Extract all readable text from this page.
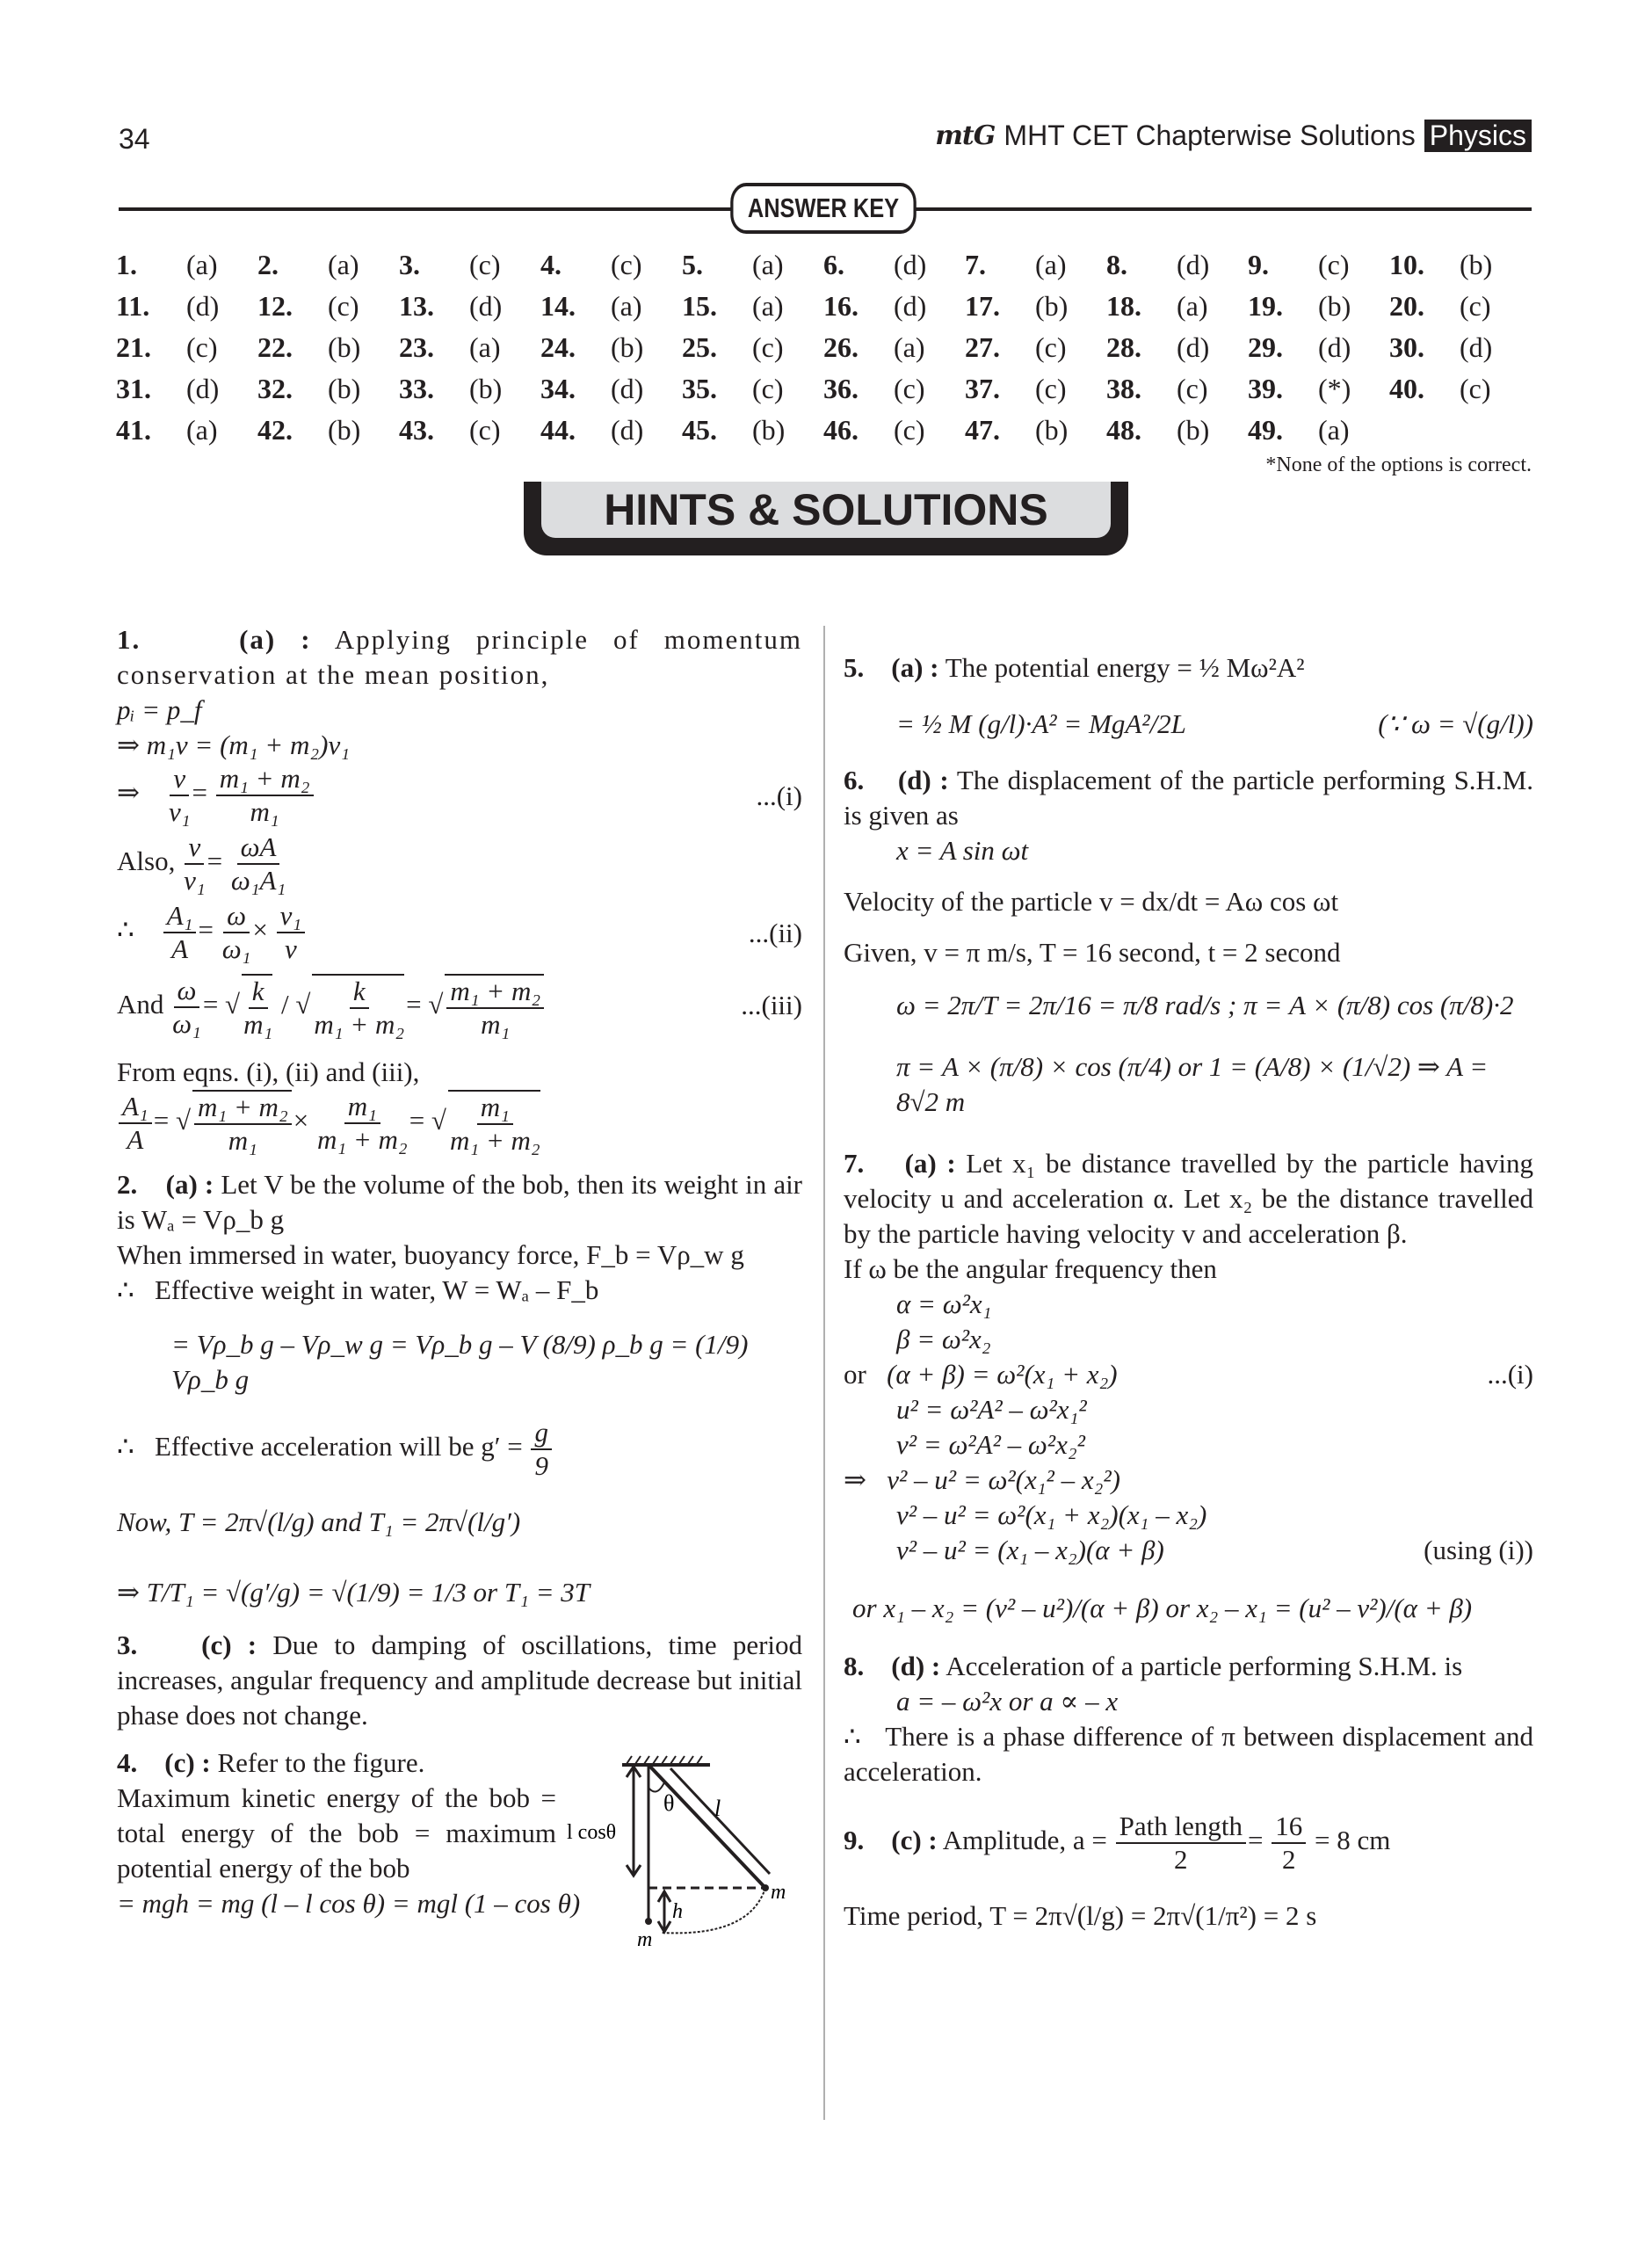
34	mtG MHT CET Chapterwise Solutions Physics
ANSWER KEY
1.	(a)	2.	(a)	3.	(c)	4.	(c)	5.	(a)	6.	(d)	7.	(a)	8.	(d)	9.	(c)	10.	(b)
11.	(d)	12.	(c)	13.	(d)	14.	(a)	15.	(a)	16.	(d)	17.	(b)	18.	(a)	19.	(b)	20.	(c)
21.	(c)	22.	(b)	23.	(a)	24.	(b)	25.	(c)	26.	(a)	27.	(c)	28.	(d)	29.	(d)	30.	(d)
31.	(d)	32.	(b)	33.	(b)	34.	(d)	35.	(c)	36.	(c)	37.	(c)	38.	(c)	39.	(*)	40.	(c)
41.	(a)	42.	(b)	43.	(c)	44.	(d)	45.	(b)	46.	(c)	47.	(b)	48.	(b)	49.	(a)
*None of the options is correct.
HINTS & SOLUTIONS
1.	(a) : Applying principle of momentum conservation at the mean position,
pᵢ = p_f
⇒ m₁v = (m₁ + m₂)v₁
⇒ $\frac{v}{\text{v₁}} = \frac{\text{m₁ + m₂}}{\text{m₁}}$	...(i)
Also, $\frac{v}{\text{v₁}} = \frac{\omega A}{\text{ω₁A₁}}$
∴ $\frac{\text{A₁}}{A} = \frac{\omega}{\text{ω₁}} \times \frac{\text{v₁}}{v}$	...(ii)
And $\frac{\omega}{\text{ω₁}}$ = √ $\frac{k}{\text{m₁}}$ / √ $\frac{k}{\text{m₁ + m₂}}$ = √ $\frac{\text{m₁ + m₂}}{\text{m₁}}$	...(iii)
From eqns. (i), (ii) and (iii),
$\frac{\text{A₁}}{A}$ = √ $\frac{\text{m₁ + m₂}}{\text{m₁}} \times \frac{\text{m₁}}{\text{m₁ + m₂}}$ = √ $\frac{\text{m₁}}{\text{m₁ + m₂}}$
2. (a) : Let V be the volume of the bob, then its weight in air is Wₐ = Vρ_b g
When immersed in water, buoyancy force, F_b = Vρ_w g
∴ Effective weight in water, W = Wₐ – F_b
= Vρ_b g – Vρ_w g = Vρ_b g – V (8/9) ρ_b g = (1/9) Vρ_b g
∴ Effective acceleration will be $g' = \frac{g}{9}$
Now, T = 2π√(l/g) and T₁ = 2π√(l/g′)
⇒ T/T₁ = √(g′/g) = √(1/9) = 1/3 or T₁ = 3T
3. (c) : Due to damping of oscillations, time period increases, angular frequency and amplitude decrease but initial phase does not change.
4. (c) : Refer to the figure.
Maximum kinetic energy of the bob = total energy of the bob = maximum potential energy of the bob
= mgh = mg (l – l cos θ) = mgl (1 – cos θ)
θ l
l cosθ
m
h
m
5. (a) : The potential energy = ½ Mω²A²
= ½ M (g/l)·A² = MgA²/2L	(∵ ω = √(g/l))
6. (d) : The displacement of the particle performing S.H.M. is given as
x = A sin ωt
Velocity of the particle v = dx/dt = Aω cos ωt
Given, v = π m/s, T = 16 second, t = 2 second
ω = 2π/T = 2π/16 = π/8 rad/s ; π = A × (π/8) cos (π/8)·2
π = A × (π/8) × cos (π/4) or 1 = (A/8) × (1/√2) ⇒ A = 8√2 m
7. (a) : Let x₁ be distance travelled by the particle having velocity u and acceleration α. Let x₂ be the distance travelled by the particle having velocity v and acceleration β.
If ω be the angular frequency then
α = ω²x₁
β = ω²x₂
or (α + β) = ω²(x₁ + x₂)	...(i)
u² = ω²A² – ω²x₁²
v² = ω²A² – ω²x₂²
⇒ v² – u² = ω²(x₁² – x₂²)
v² – u² = ω²(x₁ + x₂)(x₁ – x₂)
v² – u² = (x₁ – x₂)(α + β)	(using (i))
or x₁ – x₂ = (v² – u²)/(α + β) or x₂ – x₁ = (u² – v²)/(α + β)
8. (d) : Acceleration of a particle performing S.H.M. is
a = – ω²x or a ∝ – x
∴ There is a phase difference of π between displacement and acceleration.
9. (c) : Amplitude, $a = \frac{\text{Path length}}{2} = \frac{16}{2} = 8$ cm
Time period, T = 2π√(l/g) = 2π√(1/π²) = 2 s
